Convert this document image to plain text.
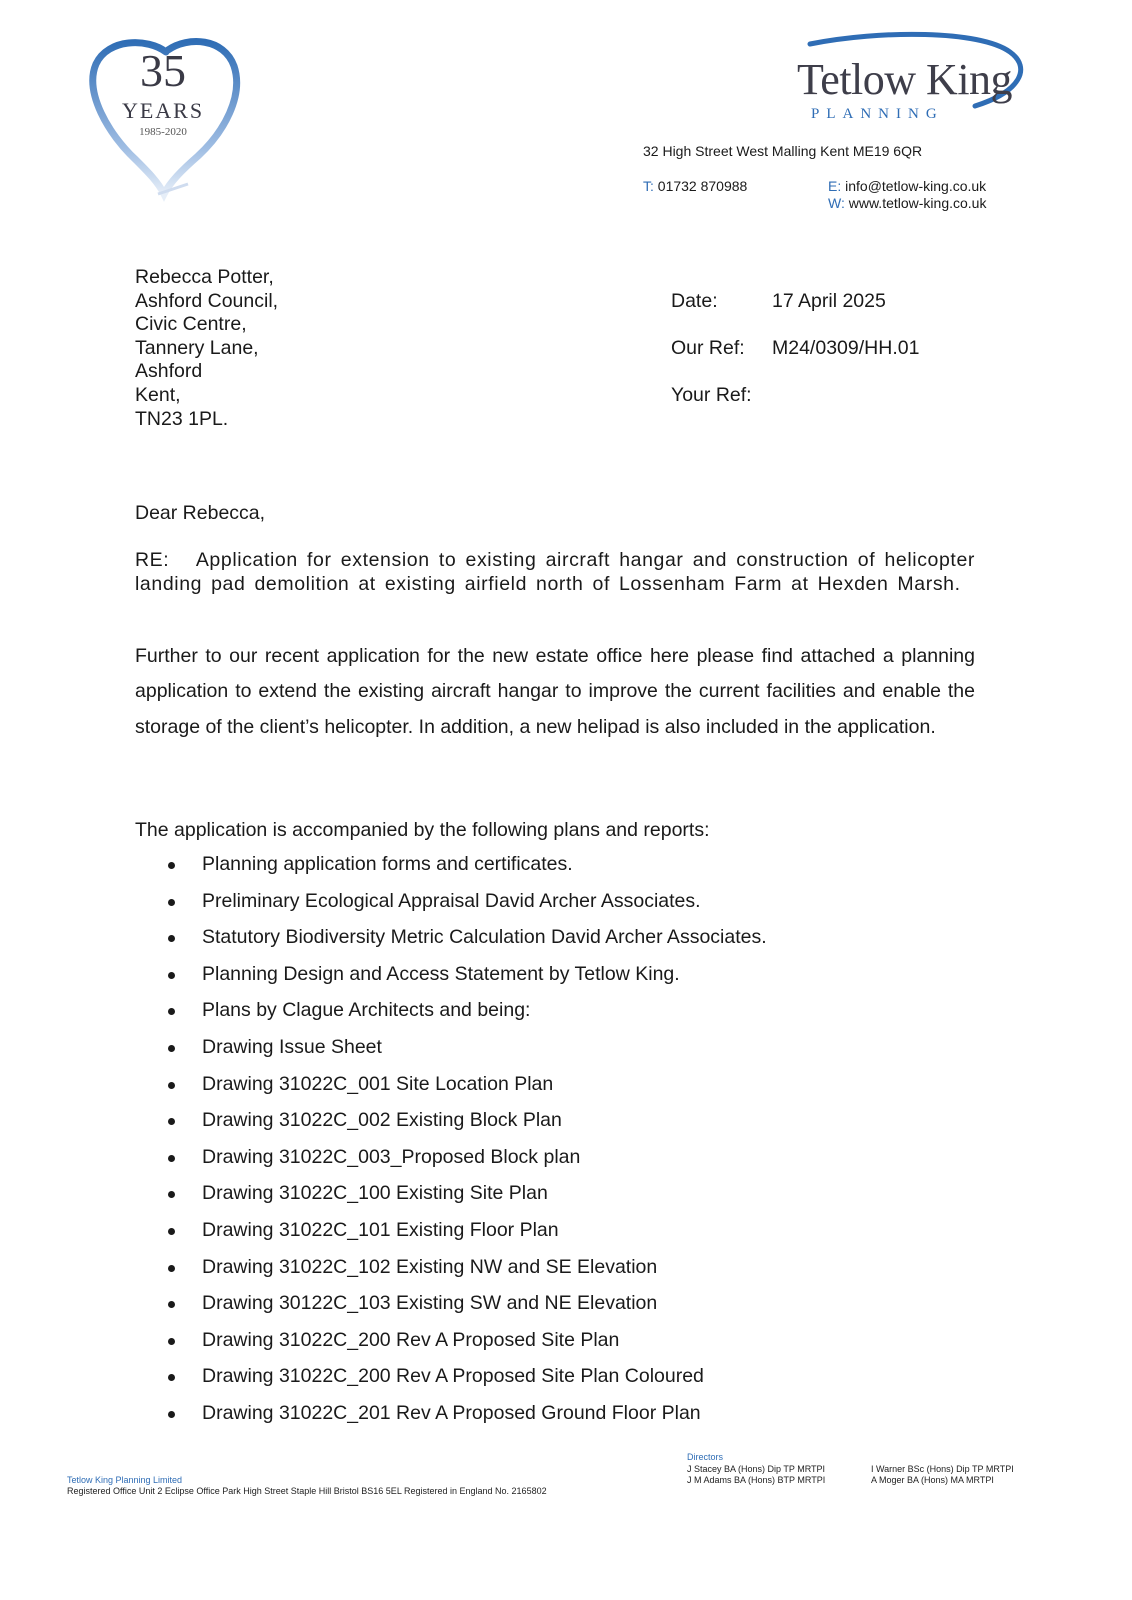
35
YEARS
1985-2020
Tetlow King
PLANNING
32 High Street West Malling Kent ME19 6QR
T: 01732 870988	E: info@tetlow-king.co.uk
W: www.tetlow-king.co.uk
Rebecca Potter,
Ashford Council,
Civic Centre,
Tannery Lane,
Ashford
Kent,
TN23 1PL.
Date:	17 April 2025
Our Ref: M24/0309/HH.01
Your Ref:
Dear Rebecca,
RE: Application for extension to existing aircraft hangar and construction of helicopter landing pad demolition at existing airfield north of Lossenham Farm at Hexden Marsh.
Further to our recent application for the new estate office here please find attached a planning application to extend the existing aircraft hangar to improve the current facilities and enable the storage of the client’s helicopter. In addition, a new helipad is also included in the application.
The application is accompanied by the following plans and reports:
Planning application forms and certificates.
Preliminary Ecological Appraisal David Archer Associates.
Statutory Biodiversity Metric Calculation David Archer Associates.
Planning Design and Access Statement by Tetlow King.
Plans by Clague Architects and being:
Drawing Issue Sheet
Drawing 31022C_001 Site Location Plan
Drawing 31022C_002 Existing Block Plan
Drawing 31022C_003_Proposed Block plan
Drawing 31022C_100 Existing Site Plan
Drawing 31022C_101 Existing Floor Plan
Drawing 31022C_102 Existing NW and SE Elevation
Drawing 30122C_103 Existing SW and NE Elevation
Drawing 31022C_200 Rev A Proposed Site Plan
Drawing 31022C_200 Rev A Proposed Site Plan Coloured
Drawing 31022C_201 Rev A Proposed Ground Floor Plan
Tetlow King Planning Limited
Registered Office Unit 2 Eclipse Office Park High Street Staple Hill Bristol BS16 5EL Registered in England No. 2165802
Directors
J Stacey BA (Hons) Dip TP MRTPI
J M Adams BA (Hons) BTP MRTPI
I Warner BSc (Hons) Dip TP MRTPI
A Moger BA (Hons) MA MRTPI
